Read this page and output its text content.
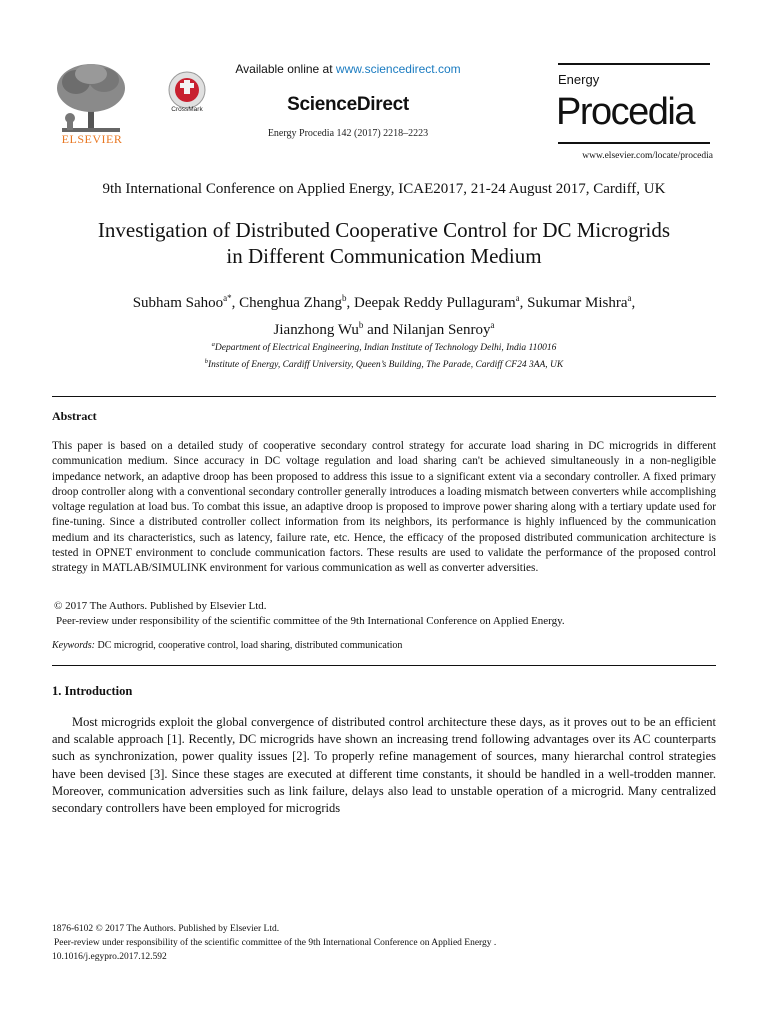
ELSEVIER
CrossMark
Available online at www.sciencedirect.com
ScienceDirect
Energy Procedia 142 (2017) 2218–2223
Energy
Procedia
www.elsevier.com/locate/procedia
9th International Conference on Applied Energy, ICAE2017, 21-24 August 2017, Cardiff, UK
Investigation of Distributed Cooperative Control for DC Microgrids
in Different Communication Medium
Subham Sahoo$^{a*}$, Chenghua Zhang$^b$, Deepak Reddy Pullaguram$^a$, Sukumar Mishra$^a$,
Jianzhong Wu$^b$ and Nilanjan Senroy$^a$
$^a$Department of Electrical Engineering, Indian Institute of Technology Delhi, India 110016
$^b$Institute of Energy, Cardiff University, Queen’s Building, The Parade, Cardiff CF24 3AA, UK
Abstract
This paper is based on a detailed study of cooperative secondary control strategy for accurate load sharing in DC microgrids in different communication medium. Since accuracy in DC voltage regulation and load sharing can't be achieved simultaneously in a non-negligible impedance network, an adaptive droop has been proposed to address this issue to a significant extent via a secondary controller. A fixed primary droop controller along with a conventional secondary controller generally introduces a loading mismatch between converters while accomplishing voltage regulation at load bus. To combat this issue, an adaptive droop is proposed to improve power sharing along with a tertiary update used for fine-tuning. Since a distributed controller collect information from its neighbors, its performance is highly influenced by the communication medium and its characteristics, such as latency, failure rate, etc. Hence, the efficacy of the proposed distributed communication architecture is tested in OPNET environment to conclude communication factors. These results are used to validate the performance of the proposed control strategy in MATLAB/SIMULINK environment for various communication as well as converter adversities.
© 2017 The Authors. Published by Elsevier Ltd.
Peer-review under responsibility of the scientific committee of the 9th International Conference on Applied Energy.
Keywords: DC microgrid, cooperative control, load sharing, distributed communication
1. Introduction
Most microgrids exploit the global convergence of distributed control architecture these days, as it proves out to be an efficient and scalable approach [1]. Recently, DC microgrids have shown an increasing trend following advantages over its AC counterparts such as synchronization, power quality issues [2]. To properly refine management of sources, many hierarchal control strategies have been devised [3]. Since these stages are executed at different time constants, it should be handled in a well-trodden manner. Moreover, communication adversities such as link failure, delays also lead to unstable operation of a microgrid. Many centralized secondary controllers have been employed for microgrids
1876-6102 © 2017 The Authors. Published by Elsevier Ltd.
Peer-review under responsibility of the scientific committee of the 9th International Conference on Applied Energy .
10.1016/j.egypro.2017.12.592
